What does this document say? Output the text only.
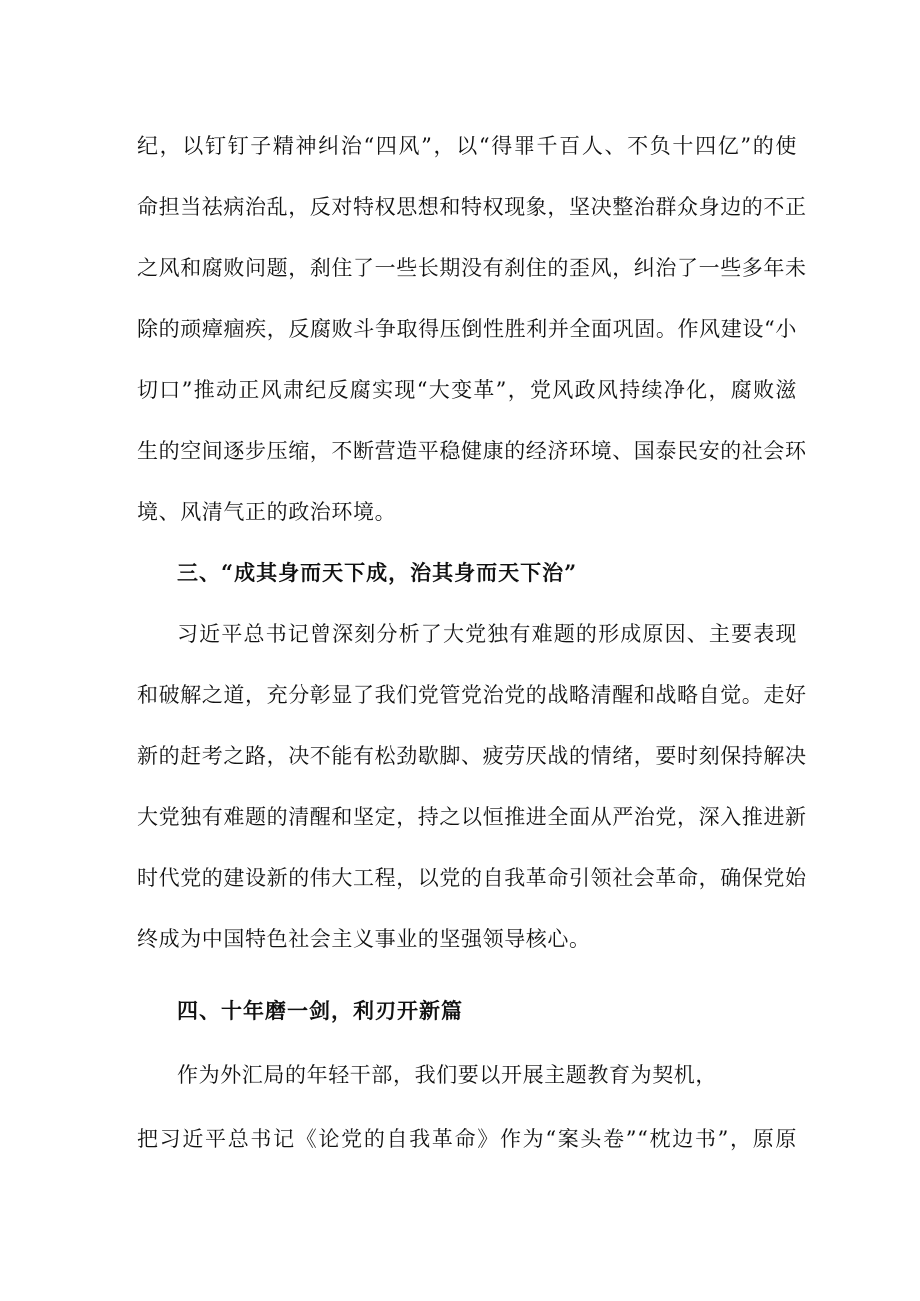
纪，以钉钉子精神纠治“四风”，以“得罪千百人、不负十四亿”的使
命担当祛病治乱，反对特权思想和特权现象，坚决整治群众身边的不正
之风和腐败问题，刹住了一些长期没有刹住的歪风，纠治了一些多年未
除的顽瘴痼疾，反腐败斗争取得压倒性胜利并全面巩固。作风建设“小
切口”推动正风肃纪反腐实现“大变革”，党风政风持续净化，腐败滋
生的空间逐步压缩，不断营造平稳健康的经济环境、国泰民安的社会环
境、风清气正的政治环境。
三、“成其身而天下成，治其身而天下治”
习近平总书记曾深刻分析了大党独有难题的形成原因、主要表现
和破解之道，充分彰显了我们党管党治党的战略清醒和战略自觉。走好
新的赶考之路，决不能有松劲歇脚、疲劳厌战的情绪，要时刻保持解决
大党独有难题的清醒和坚定，持之以恒推进全面从严治党，深入推进新
时代党的建设新的伟大工程，以党的自我革命引领社会革命，确保党始
终成为中国特色社会主义事业的坚强领导核心。
四、十年磨一剑，利刃开新篇
作为外汇局的年轻干部，我们要以开展主题教育为契机，
把习近平总书记《论党的自我革命》作为“案头卷”“枕边书”，原原
